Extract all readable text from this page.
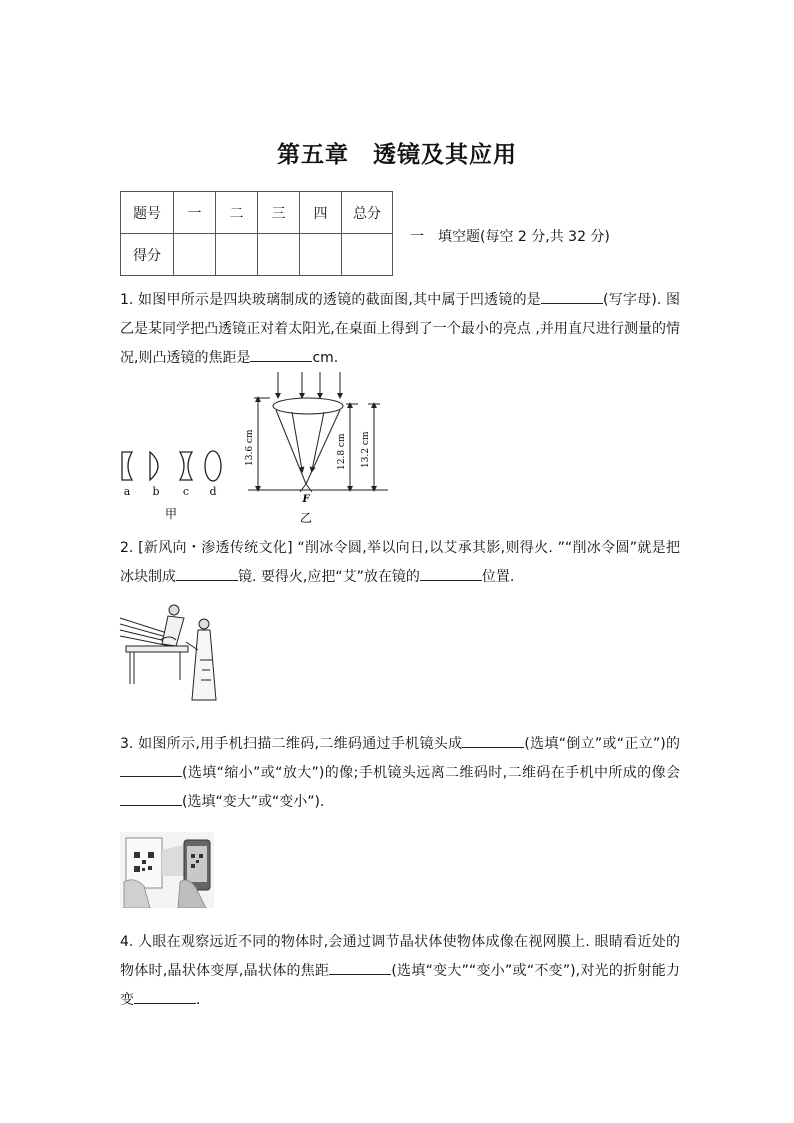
第五章 透镜及其应用
题号	一	二	三	四	总分
得分					
一 填空题(每空 2 分,共 32 分)
1. 如图甲所示是四块玻璃制成的透镜的截面图,其中属于凹透镜的是	(写字母). 图乙是某同学把凸透镜正对着太阳光,在桌面上得到了一个最小的亮点 ,并用直尺进行测量的情况,则凸透镜的焦距是	cm.
a b c d
甲
13.6 cm	12.8 cm 13.2 cm
F
乙
2. [新风向・渗透传统文化] “削冰令圆,举以向日,以艾承其影,则得火. ”“削冰令圆”就是把冰块制成	镜. 要得火,应把“艾”放在镜的	位置.
3. 如图所示,用手机扫描二维码,二维码通过手机镜头成	(选填“倒立”或“正立”)的(选填“缩小”或“放大”)的像;手机镜头远离二维码时,二维码在手机中所成的像会(选填“变大”或“变小”).
4. 人眼在观察远近不同的物体时,会通过调节晶状体使物体成像在视网膜上. 眼睛看近处的物体时,晶状体变厚,晶状体的焦距	(选填“变大”“变小”或“不变”),对光的折射能力变	.
